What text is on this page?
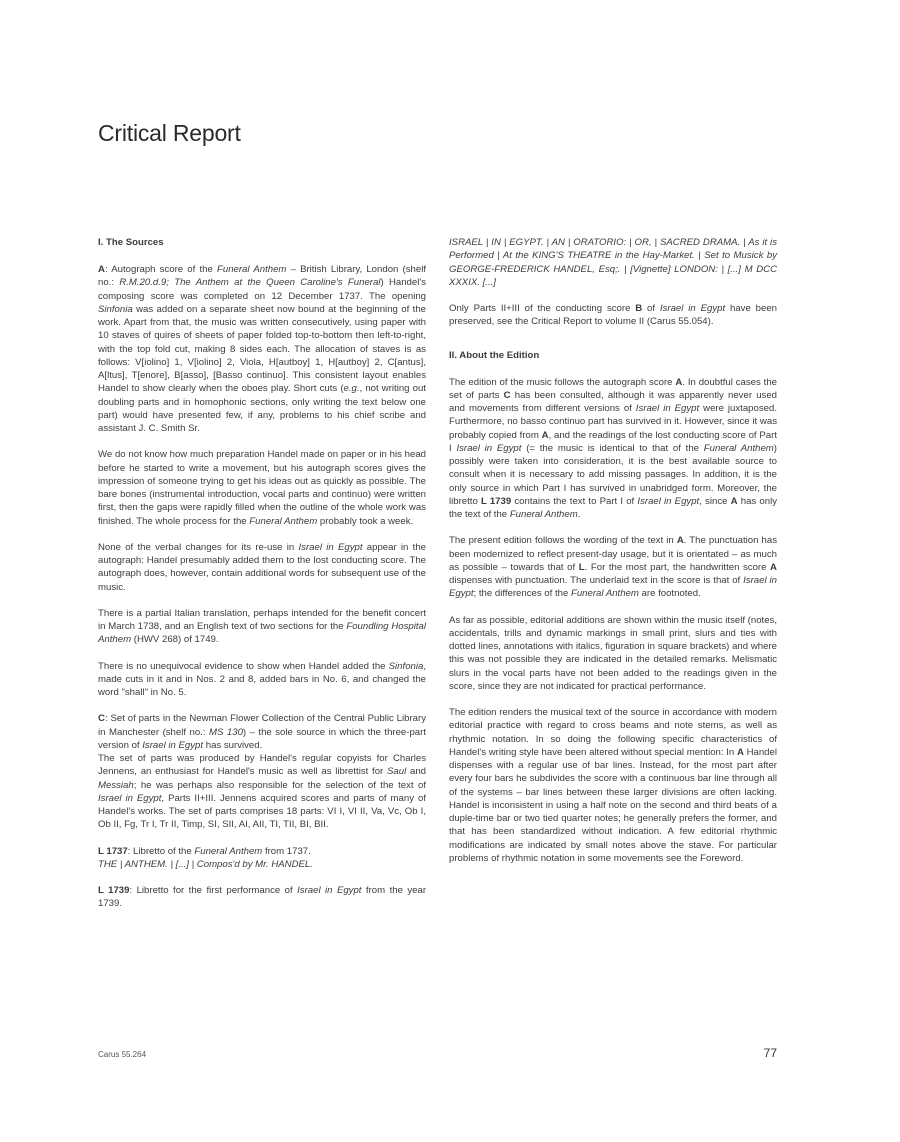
Critical Report
I. The Sources

A: Autograph score of the Funeral Anthem – British Library, London (shelf no.: R.M.20.d.9; The Anthem at the Queen Caroline's Funeral) Handel's composing score was completed on 12 December 1737. The opening Sinfonia was added on a separate sheet now bound at the beginning of the work. Apart from that, the music was written consecutively, using paper with 10 staves of quires of sheets of paper folded top-to-bottom then left-to-right, with the top fold cut, making 8 sides each. The allocation of staves is as follows: V[iolino] 1, V[iolino] 2, Viola, H[autboy] 1, H[autboy] 2, C[antus], A[ltus], T[enore], B[asso], [Basso continuo]. This consistent layout enables Handel to show clearly when the oboes play. Short cuts (e.g., not writing out doubling parts and in homophonic sections, only writing the text below one part) would have presented few, if any, problems to his chief scribe and assistant J. C. Smith Sr.

We do not know how much preparation Handel made on paper or in his head before he started to write a movement, but his autograph scores gives the impression of someone trying to get his ideas out as quickly as possible. The bare bones (instrumental introduction, vocal parts and continuo) were written first, then the gaps were rapidly filled when the outline of the whole work was finished. The whole process for the Funeral Anthem probably took a week.

None of the verbal changes for its re-use in Israel in Egypt appear in the autograph: Handel presumably added them to the lost conducting score. The autograph does, however, contain additional words for subsequent use of the music.

There is a partial Italian translation, perhaps intended for the benefit concert in March 1738, and an English text of two sections for the Foundling Hospital Anthem (HWV 268) of 1749.

There is no unequivocal evidence to show when Handel added the Sinfonia, made cuts in it and in Nos. 2 and 8, added bars in No. 6, and changed the word "shall" in No. 5.

C: Set of parts in the Newman Flower Collection of the Central Public Library in Manchester (shelf no.: MS 130) – the sole source in which the three-part version of Israel in Egypt has survived.

The set of parts was produced by Handel's regular copyists for Charles Jennens, an enthusiast for Handel's music as well as librettist for Saul and Messiah; he was perhaps also responsible for the selection of the text of Israel in Egypt, Parts II+III. Jennens acquired scores and parts of many of Handel's works. The set of parts comprises 18 parts: VI I, VI II, Va, Vc, Ob I, Ob II, Fg, Tr I, Tr II, Timp, SI, SII, AI, AII, TI, TII, BI, BII.

L 1737: Libretto of the Funeral Anthem from 1737.
THE | ANTHEM. | [...] | Compos'd by Mr. HANDEL.

L 1739: Libretto for the first performance of Israel in Egypt from the year 1739.

ISRAEL | IN | EGYPT. | AN | ORATORIO: | OR, | SACRED DRAMA. | As it is Performed | At the KING'S THEATRE in the Hay-Market. | Set to Musick by GEORGE-FREDERICK HANDEL, Esq;. | [Vignette] LONDON: | [...] M DCC XXXIX. [...]

Only Parts II+III of the conducting score B of Israel in Egypt have been preserved, see the Critical Report to volume II (Carus 55.054).

II. About the Edition

The edition of the music follows the autograph score A. In doubtful cases the set of parts C has been consulted, although it was apparently never used and movements from different versions of Israel in Egypt were juxtaposed. Furthermore, no basso continuo part has survived in it. However, since it was probably copied from A, and the readings of the lost conducting score of Part I Israel in Egypt (= the music is identical to that of the Funeral Anthem) possibly were taken into consideration, it is the best available source to consult when it is necessary to add missing passages. In addition, it is the only source in which Part I has survived in unabridged form. Moreover, the libretto L 1739 contains the text to Part I of Israel in Egypt, since A has only the text of the Funeral Anthem.

The present edition follows the wording of the text in A. The punctuation has been modernized to reflect present-day usage, but it is orientated – as much as possible – towards that of L. For the most part, the handwritten score A dispenses with punctuation. The underlaid text in the score is that of Israel in Egypt; the differences of the Funeral Anthem are footnoted.

As far as possible, editorial additions are shown within the music itself (notes, accidentals, trills and dynamic markings in small print, slurs and ties with dotted lines, annotations with italics, figuration in square brackets) and where this was not possible they are indicated in the detailed remarks. Melismatic slurs in the vocal parts have not been added to the readings given in the score, since they are not indicated for practical performance.

The edition renders the musical text of the source in accordance with modern editorial practice with regard to cross beams and note stems, as well as rhythmic notation. In so doing the following specific characteristics of Handel's writing style have been altered without special mention: In A Handel dispenses with a regular use of bar lines. Instead, for the most part after every four bars he subdivides the score with a continuous bar line through all of the systems – bar lines between these larger divisions are often lacking. Handel is inconsistent in using a half note on the second and third beats of a duple-time bar or two tied quarter notes; he generally prefers the former, and that has been standardized without indication. A few editorial rhythmic modifications are indicated by small notes above the stave. For particular problems of rhythmic notation in some movements see the Foreword.

Carus 55.264	77
